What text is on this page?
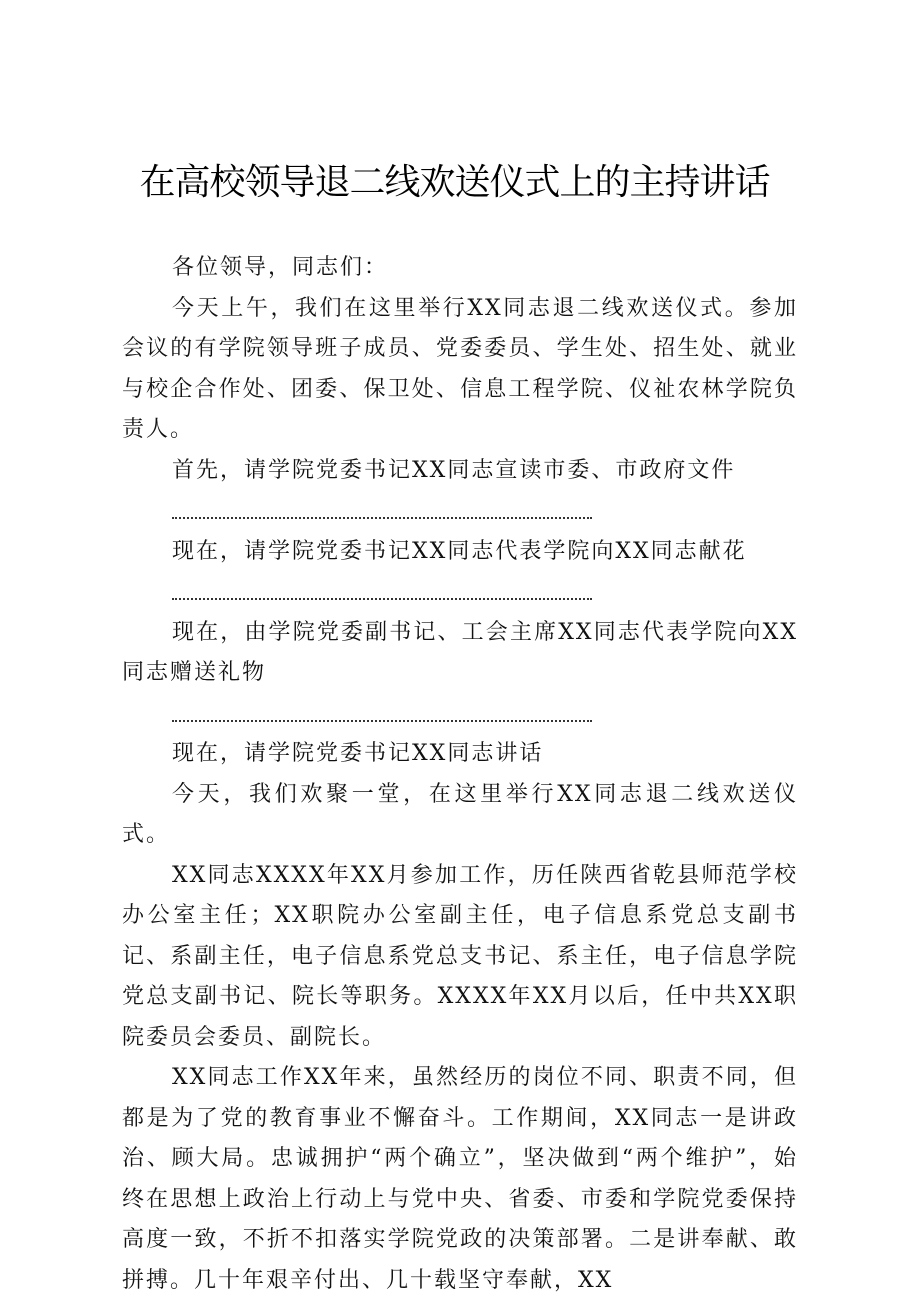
在高校领导退二线欢送仪式上的主持讲话

各位领导，同志们：

今天上午，我们在这里举行XX同志退二线欢送仪式。参加会议的有学院领导班子成员、党委委员、学生处、招生处、就业与校企合作处、团委、保卫处、信息工程学院、仪祉农林学院负责人。

首先，请学院党委书记XX同志宣读市委、市政府文件

现在，请学院党委书记XX同志代表学院向XX同志献花

现在，由学院党委副书记、工会主席XX同志代表学院向XX同志赠送礼物

现在，请学院党委书记XX同志讲话

今天，我们欢聚一堂，在这里举行XX同志退二线欢送仪式。

XX同志XXXX年XX月参加工作，历任陕西省乾县师范学校办公室主任；XX职院办公室副主任，电子信息系党总支副书记、系副主任，电子信息系党总支书记、系主任，电子信息学院党总支副书记、院长等职务。XXXX年XX月以后，任中共XX职院委员会委员、副院长。

XX同志工作XX年来，虽然经历的岗位不同、职责不同，但都是为了党的教育事业不懈奋斗。工作期间，XX同志一是讲政治、顾大局。忠诚拥护“两个确立”，坚决做到“两个维护”，始终在思想上政治上行动上与党中央、省委、市委和学院党委保持高度一致，不折不扣落实学院党政的决策部署。二是讲奉献、敢拼搏。几十年艰辛付出、几十载坚守奉献，XX
